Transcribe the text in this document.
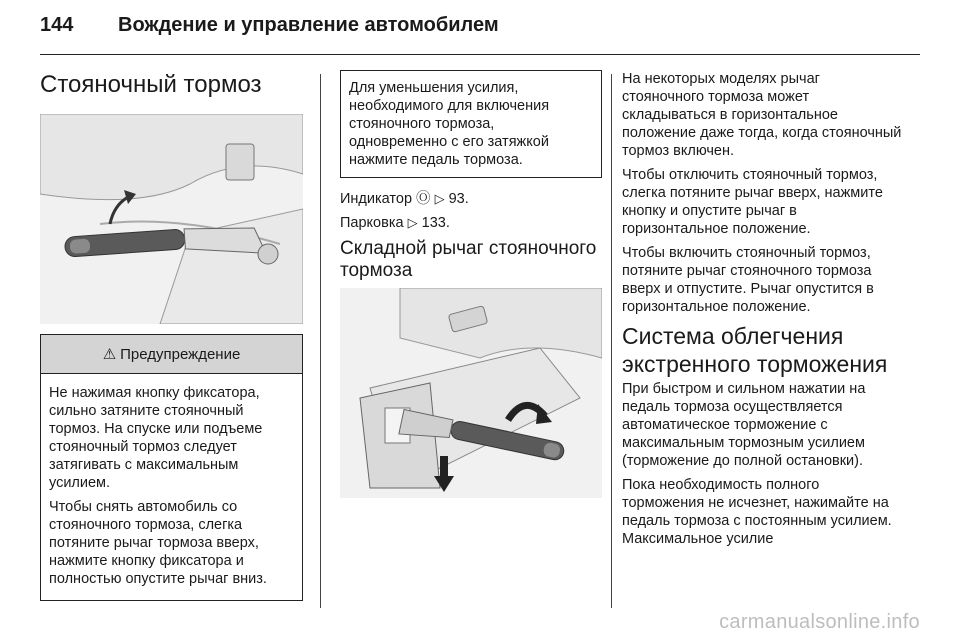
144 Вождение и управление автомобилем
Стояночный тормоз
⚠ Предупреждение

Не нажимая кнопку фиксатора, сильно затяните стояночный тормоз. На спуске или подъеме стояночный тормоз следует затягивать с максимальным усилием.

Чтобы снять автомобиль со стояночного тормоза, слегка потяните рычаг тормоза вверх, нажмите кнопку фиксатора и полностью опустите рычаг вниз.

Для уменьшения усилия, необходимого для включения стояночного тормоза, одновременно с его затяжкой нажмите педаль тормоза.

Индикатор Ⓞ ▷ 93.

Парковка ▷ 133.

Складной рычаг стояночного тормоза

На некоторых моделях рычаг стояночного тормоза может складываться в горизонтальное положение даже тогда, когда стояночный тормоз включен.

Чтобы отключить стояночный тормоз, слегка потяните рычаг вверх, нажмите кнопку и опустите рычаг в горизонтальное положение.

Чтобы включить стояночный тормоз, потяните рычаг стояночного тормоза вверх и отпустите. Рычаг опустится в горизонтальное положение.

Система облегчения экстренного торможения

При быстром и сильном нажатии на педаль тормоза осуществляется автоматическое торможение с максимальным тормозным усилием (торможение до полной остановки).

Пока необходимость полного торможения не исчезнет, нажимайте на педаль тормоза с постоянным усилием. Максимальное усилие

carmanualsonline.info
